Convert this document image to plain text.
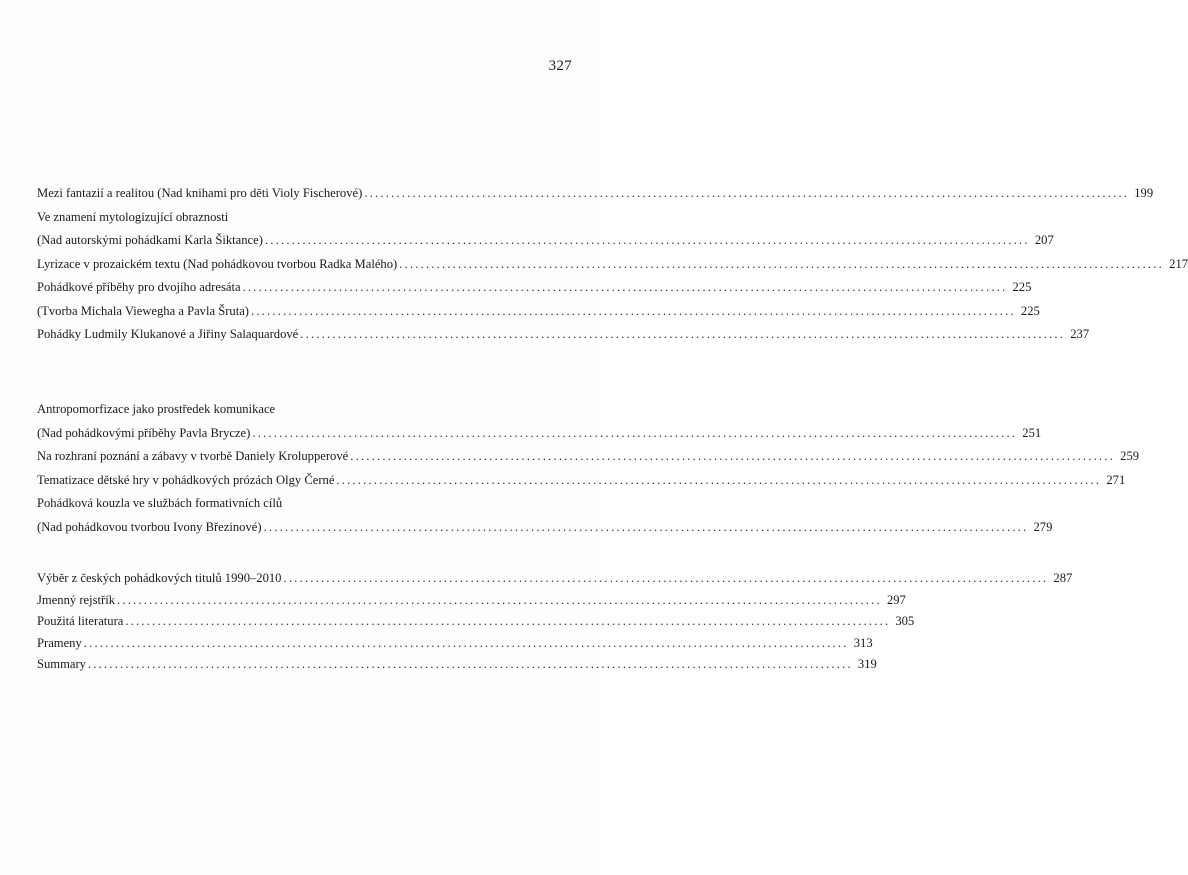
327
Mezi fantazií a realitou (Nad knihami pro děti Violy Fischerové) .....	199
Ve znamení mytologizující obraznosti
(Nad autorskými pohádkami Karla Šiktance) .....	207
Lyrizace v prozaickém textu (Nad pohádkovou tvorbou Radka Malého) .....	217
Pohádkové příběhy pro dvojího adresáta .....	225
(Tvorba Michala Viewegha a Pavla Šruta) .....	225
Pohádky Ludmily Klukanové a Jiřiny Salaquardové .....	237
Antropomorfizace jako prostředek komunikace
(Nad pohádkovými příběhy Pavla Brycze) .....	251
Na rozhraní poznání a zábavy v tvorbě Daniely Krolupperové .....	259
Tematizace dětské hry v pohádkových prózách Olgy Černé .....	271
Pohádková kouzla ve službách formativních cílů
(Nad pohádkovou tvorbou Ivony Březinové) .....	279
Výběr z českých pohádkových titulů 1990–2010 .....	287
Jmenný rejstřík .....	297
Použitá literatura .....	305
Prameny .....	313
Summary .....	319
